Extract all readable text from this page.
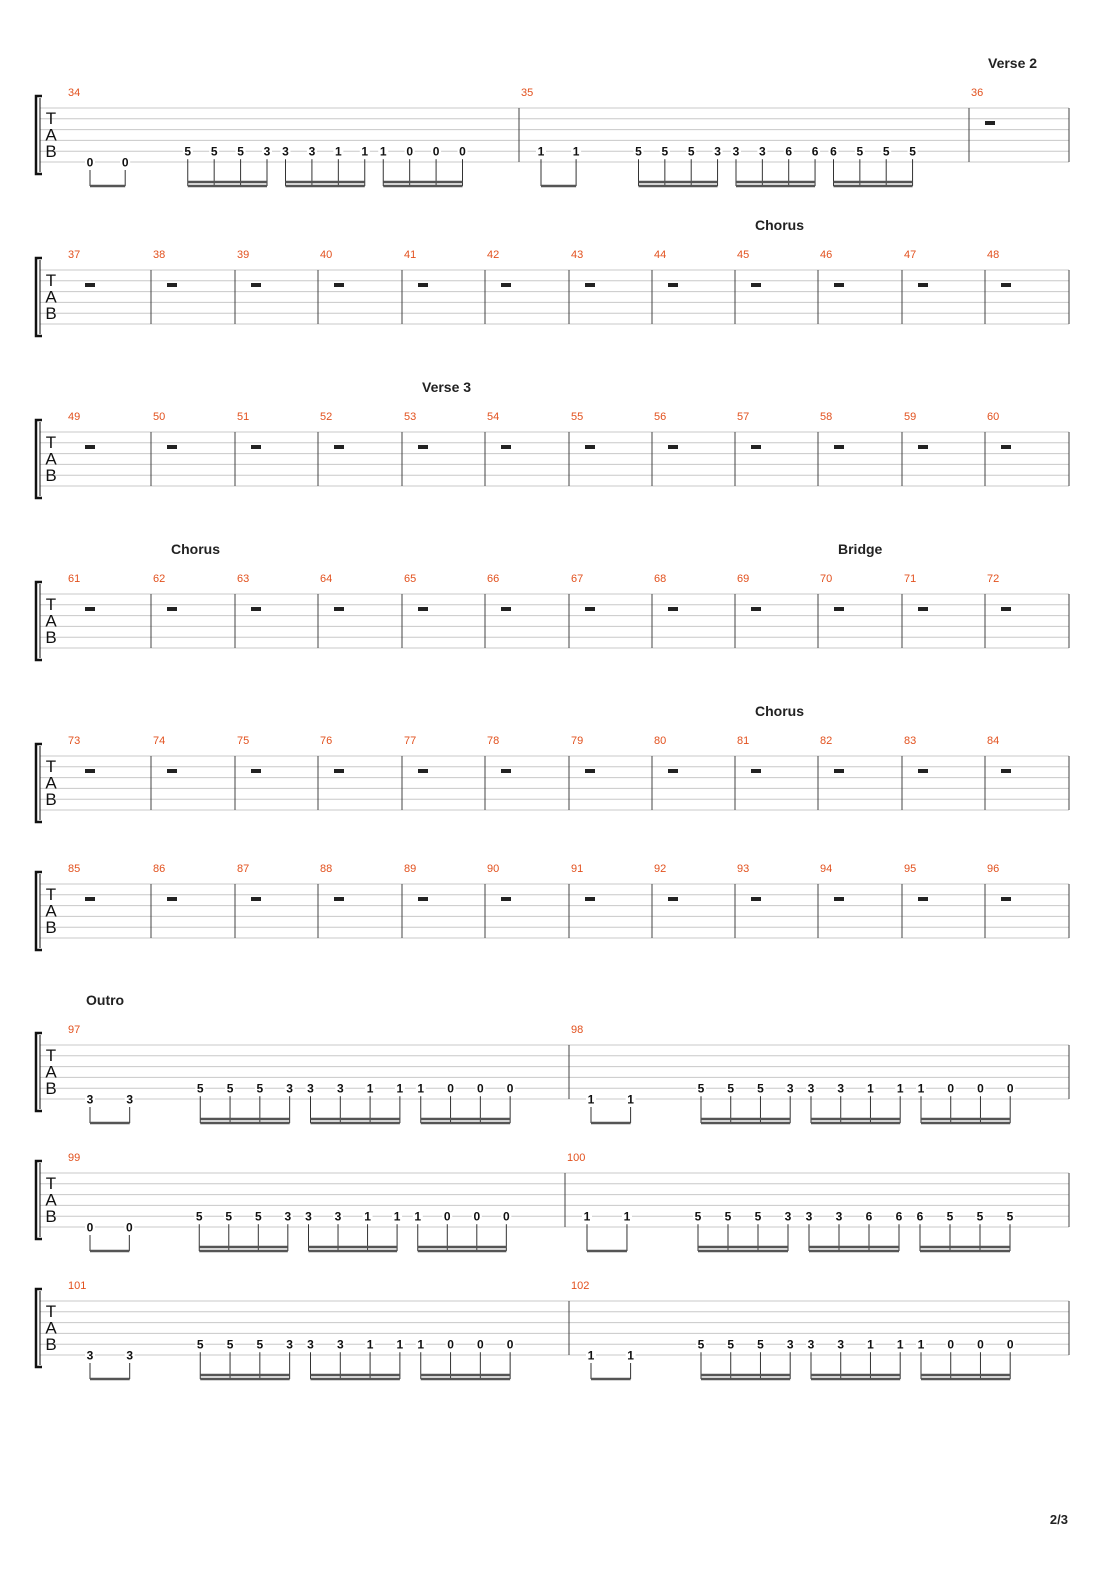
T
A
B
34
0 0
5 5 5 3 3 3 1 1 1 0 0 0
35
1 1	5 5 5 3 3 3 6 6 6 5 5 5
36
Verse 2
T
A
B
37	38	39	40	41	42	43	44	45	46	47	48
Chorus
T
A
B
49	50	51	52	53	54	55	56	57	58	59	60
Verse 3
T
A
B
61	62	63	64	65	66	67	68	69	70	71	72
Chorus	Bridge
T
A
B
73	74	75	76	77	78	79	80	81	82	83	84
Chorus
T
A
B
85	86	87	88	89	90	91	92	93	94	95	96
T
A
B
97
3	3
5 5 5 3 3 3 1 1 1 0 0 0
98
1	1
5 5 5 3 3 3 1 1 1 0 0 0
Outro
T
A
B
99
0	0
5 5 5 3 3 3 1 1 1 0 0 0
100
1	1	5 5 5 3 3 3 6 6 6 5 5 5
T
A
B
101
3	3
5 5 5 3 3 3 1 1 1 0 0 0
102
1	1
5 5 5 3 3 3 1 1 1 0 0 0
2/3
